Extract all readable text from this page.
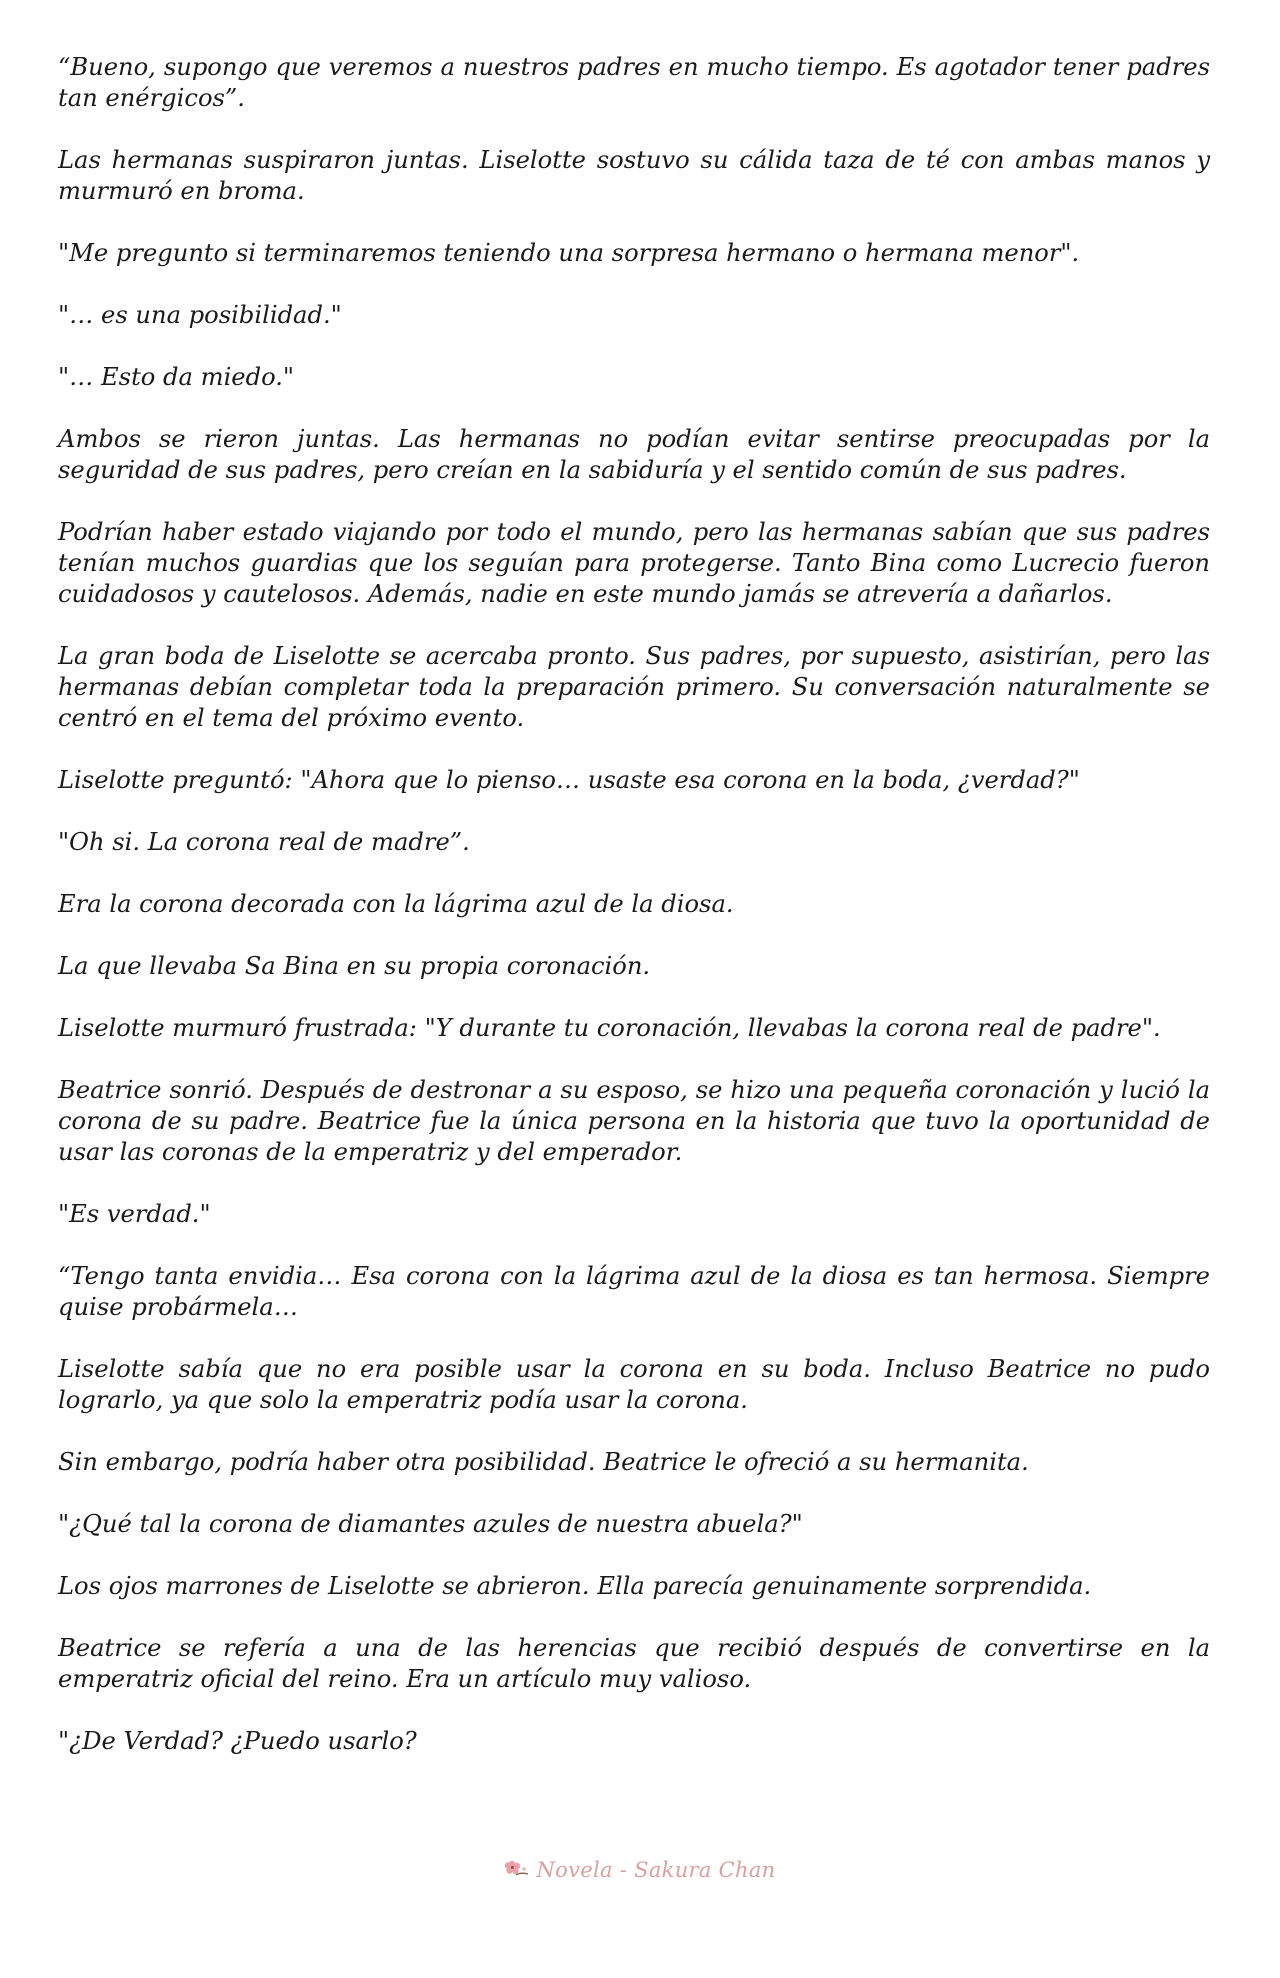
“Bueno, supongo que veremos a nuestros padres en mucho tiempo. Es agotador tener padres tan enérgicos”.

Las hermanas suspiraron juntas. Liselotte sostuvo su cálida taza de té con ambas manos y murmuró en broma.

"Me pregunto si terminaremos teniendo una sorpresa hermano o hermana menor".

"… es una posibilidad."

"… Esto da miedo."

Ambos se rieron juntas. Las hermanas no podían evitar sentirse preocupadas por la seguridad de sus padres, pero creían en la sabiduría y el sentido común de sus padres.

Podrían haber estado viajando por todo el mundo, pero las hermanas sabían que sus padres tenían muchos guardias que los seguían para protegerse. Tanto Bina como Lucrecio fueron cuidadosos y cautelosos. Además, nadie en este mundo jamás se atrevería a dañarlos.

La gran boda de Liselotte se acercaba pronto. Sus padres, por supuesto, asistirían, pero las hermanas debían completar toda la preparación primero. Su conversación naturalmente se centró en el tema del próximo evento.

Liselotte preguntó: "Ahora que lo pienso… usaste esa corona en la boda, ¿verdad?"

"Oh si. La corona real de madre”.

Era la corona decorada con la lágrima azul de la diosa.

La que llevaba Sa Bina en su propia coronación.

Liselotte murmuró frustrada: "Y durante tu coronación, llevabas la corona real de padre".

Beatrice sonrió. Después de destronar a su esposo, se hizo una pequeña coronación y lució la corona de su padre. Beatrice fue la única persona en la historia que tuvo la oportunidad de usar las coronas de la emperatriz y del emperador.

"Es verdad."

“Tengo tanta envidia… Esa corona con la lágrima azul de la diosa es tan hermosa. Siempre quise probármela…

Liselotte sabía que no era posible usar la corona en su boda. Incluso Beatrice no pudo lograrlo, ya que solo la emperatriz podía usar la corona.

Sin embargo, podría haber otra posibilidad. Beatrice le ofreció a su hermanita.

"¿Qué tal la corona de diamantes azules de nuestra abuela?"

Los ojos marrones de Liselotte se abrieron. Ella parecía genuinamente sorprendida.

Beatrice se refería a una de las herencias que recibió después de convertirse en la emperatriz oficial del reino. Era un artículo muy valioso.

"¿De Verdad? ¿Puedo usarlo?

Novela - Sakura Chan
